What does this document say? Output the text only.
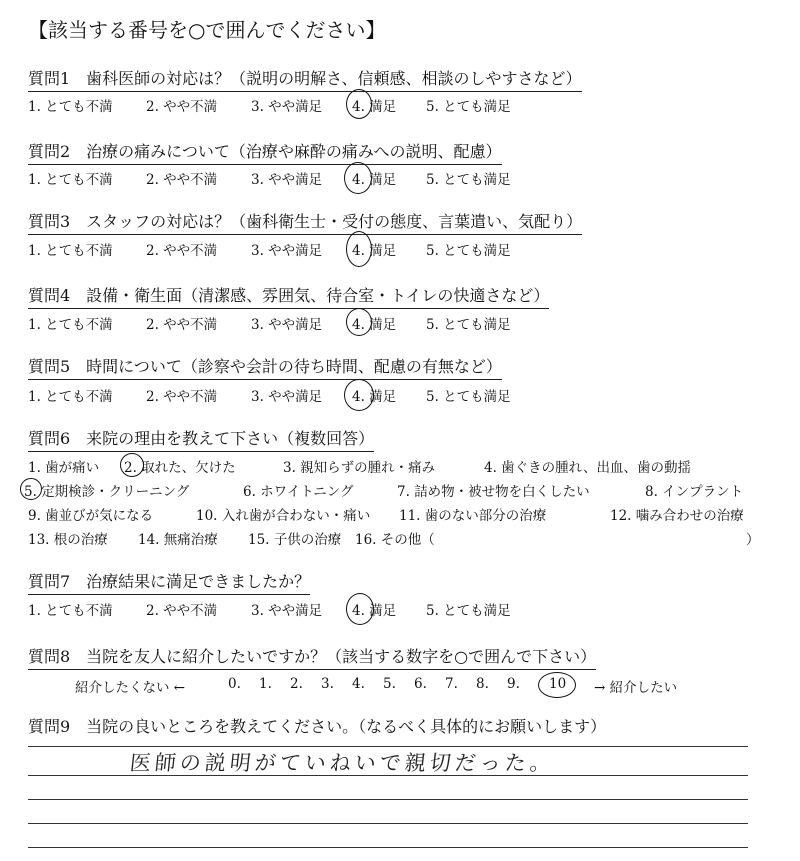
【該当する番号を○で囲んでください】
質問1　歯科医師の対応は？（説明の明解さ、信頼感、相談のしやすさなど）
1. とても不満 2. やや不満	3. やや満足 4. 満足 5. とても満足
質問2　治療の痛みについて（治療や麻酔の痛みへの説明、配慮）
1. とても不満 2. やや不満	3. やや満足 4. 満足 5. とても満足
質問3　スタッフの対応は？（歯科衛生士・受付の態度、言葉遣い、気配り）
1. とても不満 2. やや不満	3. やや満足 4. 満足 5. とても満足
質問4　設備・衛生面（清潔感、雰囲気、待合室・トイレの快適さなど）
1. とても不満 2. やや不満	3. やや満足 4. 満足 5. とても満足
質問5　時間について（診察や会計の待ち時間、配慮の有無など）
1. とても不満 2. やや不満	3. やや満足 4. 満足 5. とても満足
質問6　来院の理由を教えて下さい（複数回答）
1. 歯が痛い 2. 取れた、欠けた	3. 親知らずの腫れ・痛み	4. 歯ぐきの腫れ、出血、歯の動揺
5. 定期検診・クリーニング	6. ホワイトニング	7. 詰め物・被せ物を白くしたい	8. インプラント
9. 歯並びが気になる	10. 入れ歯が合わない・痛い 11. 歯のない部分の治療	12. 噛み合わせの治療
13. 根の治療 14. 無痛治療 15. 子供の治療 16. その他（	）
質問7　治療結果に満足できましたか？
1. とても不満 2. やや不満	3. やや満足 4. 満足 5. とても満足
質問8　当院を友人に紹介したいですか？（該当する数字を○で囲んで下さい）
紹介したくない ←	0. 1. 2. 3. 4. 5. 6. 7. 8. 9. 10 → 紹介したい
質問9　当院の良いところを教えてください。（なるべく具体的にお願いします）
医師の説明がていねいで親切だった。
